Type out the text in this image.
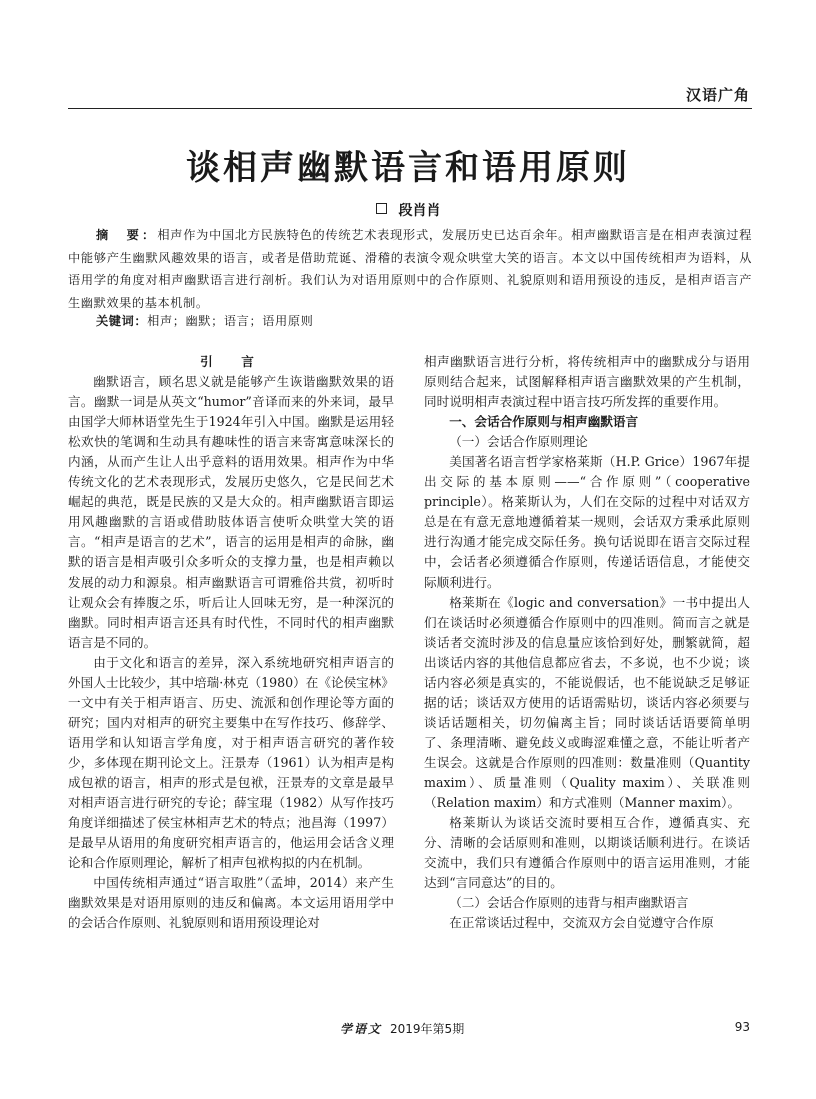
汉语广角
谈相声幽默语言和语用原则
段肖肖
摘　要：相声作为中国北方民族特色的传统艺术表现形式，发展历史已达百余年。相声幽默语言是在相声表演过程中能够产生幽默风趣效果的语言，或者是借助荒诞、滑稽的表演令观众哄堂大笑的语言。本文以中国传统相声为语料，从语用学的角度对相声幽默语言进行剖析。我们认为对语用原则中的合作原则、礼貌原则和语用预设的违反，是相声语言产生幽默效果的基本机制。
关键词：相声；幽默；语言；语用原则

引　言

幽默语言，顾名思义就是能够产生诙谐幽默效果的语言。幽默一词是从英文“humor”音译而来的外来词，最早由国学大师林语堂先生于1924年引入中国。幽默是运用轻松欢快的笔调和生动具有趣味性的语言来寄寓意味深长的内涵，从而产生让人出乎意料的语用效果。相声作为中华传统文化的艺术表现形式，发展历史悠久，它是民间艺术崛起的典范，既是民族的又是大众的。相声幽默语言即运用风趣幽默的言语或借助肢体语言使听众哄堂大笑的语言。“相声是语言的艺术”，语言的运用是相声的命脉，幽默的语言是相声吸引众多听众的支撑力量，也是相声赖以发展的动力和源泉。相声幽默语言可谓雅俗共赏，初听时让观众会有捧腹之乐，听后让人回味无穷，是一种深沉的幽默。同时相声语言还具有时代性，不同时代的相声幽默语言是不同的。

由于文化和语言的差异，深入系统地研究相声语言的外国人士比较少，其中培瑞·林克（1980）在《论侯宝林》一文中有关于相声语言、历史、流派和创作理论等方面的研究；国内对相声的研究主要集中在写作技巧、修辞学、语用学和认知语言学角度，对于相声语言研究的著作较少，多体现在期刊论文上。汪景寿（1961）认为相声是构成包袱的语言，相声的形式是包袱，汪景寿的文章是最早对相声语言进行研究的专论；薛宝琨（1982）从写作技巧角度详细描述了侯宝林相声艺术的特点；池昌海（1997）是最早从语用的角度研究相声语言的，他运用会话含义理论和合作原则理论，解析了相声包袱构拟的内在机制。

中国传统相声通过“语言取胜”（孟坤，2014）来产生幽默效果是对语用原则的违反和偏离。本文运用语用学中的会话合作原则、礼貌原则和语用预设理论对

相声幽默语言进行分析，将传统相声中的幽默成分与语用原则结合起来，试图解释相声语言幽默效果的产生机制，同时说明相声表演过程中语言技巧所发挥的重要作用。

一、会话合作原则与相声幽默语言

（一）会话合作原则理论

美国著名语言哲学家格莱斯（H.P. Grice）1967年提出交际的基本原则——“合作原则”（cooperative principle）。格莱斯认为，人们在交际的过程中对话双方总是在有意无意地遵循着某一规则，会话双方秉承此原则进行沟通才能完成交际任务。换句话说即在语言交际过程中，会话者必须遵循合作原则，传递话语信息，才能使交际顺利进行。

格莱斯在《logic and conversation》一书中提出人们在谈话时必须遵循合作原则中的四准则。简而言之就是谈话者交流时涉及的信息量应该恰到好处，删繁就简，超出谈话内容的其他信息都应省去，不多说，也不少说；谈话内容必须是真实的，不能说假话，也不能说缺乏足够证据的话；谈话双方使用的话语需贴切，谈话内容必须要与谈话话题相关，切勿偏离主旨；同时谈话话语要简单明了、条理清晰、避免歧义或晦涩难懂之意，不能让听者产生误会。这就是合作原则的四准则：数量准则（Quantity maxim）、质量准则（Quality maxim）、关联准则（Relation maxim）和方式准则（Manner maxim）。

格莱斯认为谈话交流时要相互合作，遵循真实、充分、清晰的会话原则和准则，以期谈话顺利进行。在谈话交流中，我们只有遵循合作原则中的语言运用准则，才能达到“言同意达”的目的。

（二）会话合作原则的违背与相声幽默语言

在正常谈话过程中，交流双方会自觉遵守合作原

学语文 2019年第5期	93
